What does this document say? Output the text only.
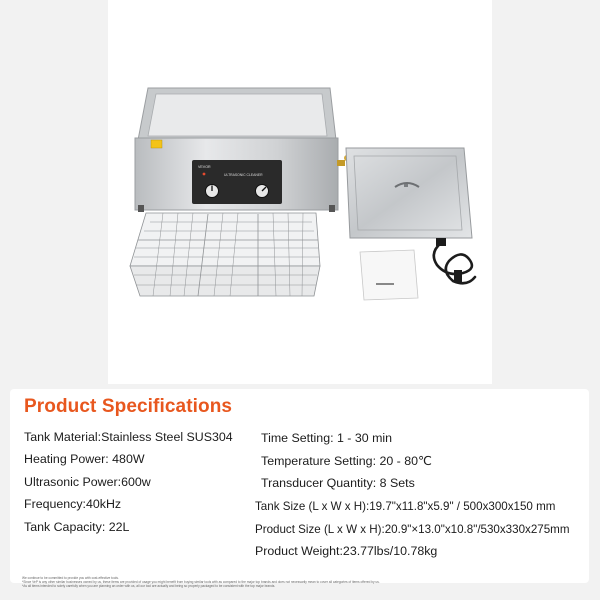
VEVOR
ULTRASONIC CLEANER
Product Specifications
Tank Material:Stainless Steel SUS304
Heating Power: 480W
Ultrasonic Power:600w
Frequency:40kHz
Tank Capacity: 22L
Time Setting: 1 - 30 min
Temperature Setting: 20 - 80℃
Transducer Quantity: 8 Sets
Tank Size (L x W x H):19.7"x11.8"x5.9" / 500x300x150 mm
Product Size (L x W x H):20.9"×13.0"x10.8"/530x330x275mm
Product Weight:23.77lbs/10.78kg
We continue to be committed to provide you with cost-effective tools.
*Since VeP is any other similar businesses owned by us, these items are provided of usage you might benefit from buying similar tools with as compared to the major top brands and does not necessarily mean to cover all categories of items offered by us.
*As all items intended to solely carefully when you are planning an order with us, all our tool are actually and being so properly packaged to be consistent with the top major brands.
